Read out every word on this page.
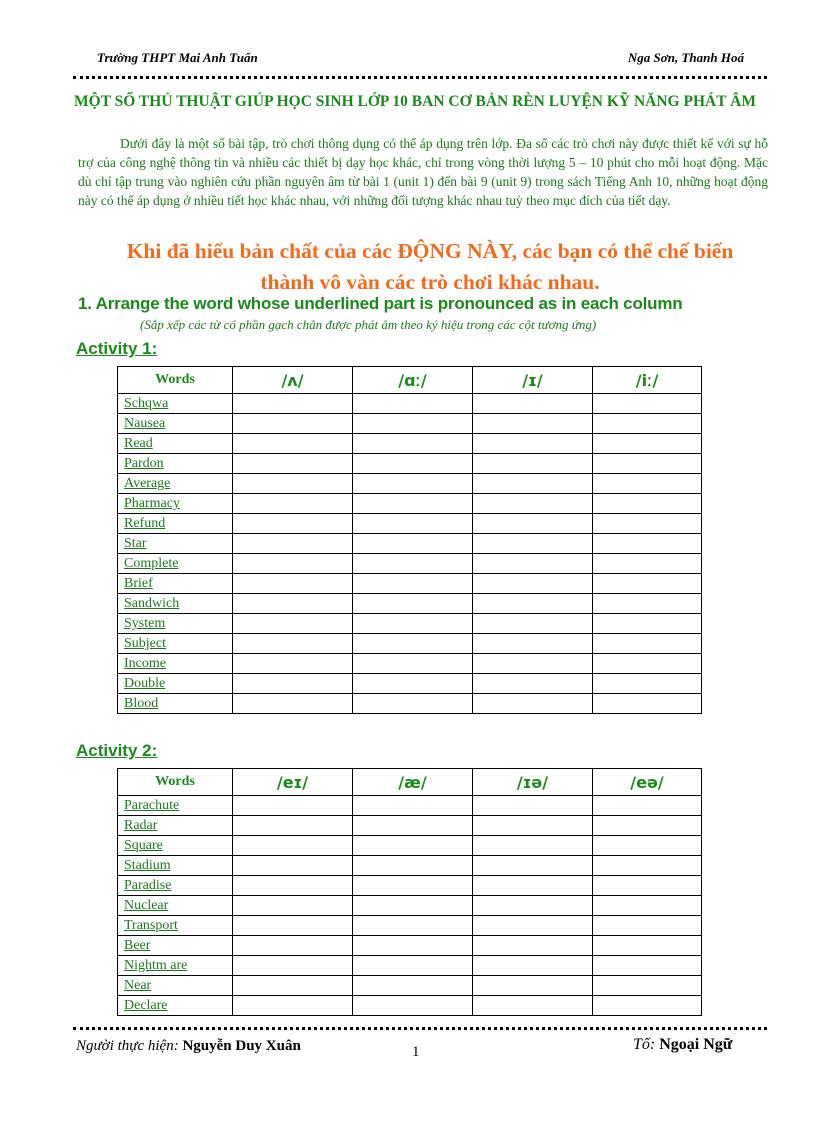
Trường THPT Mai Anh Tuấn	Nga Sơn, Thanh Hoá
MỘT SỐ THỦ THUẬT GIÚP HỌC SINH LỚP 10 BAN CƠ BẢN RÈN LUYỆN KỸ NĂNG PHÁT ÂM
Dưới đây là một số bài tập, trò chơi thông dụng có thể áp dụng trên lớp. Đa số các trò chơi này được thiết kế với sự hỗ trợ của công nghệ thông tin và nhiều các thiết bị dạy học khác, chỉ trong vòng thời lượng 5 – 10 phút cho mỗi hoạt động. Mặc dù chỉ tập trung vào nghiên cứu phần nguyên âm từ bài 1 (unit 1) đến bài 9 (unit 9) trong sách Tiếng Anh 10, những hoạt động này có thể áp dụng ở nhiều tiết học khác nhau, với những đối tượng khác nhau tuỳ theo mục đích của tiết dạy.
Khi đã hiểu bản chất của các ĐỘNG NÀY, các bạn có thể chế biến thành vô vàn các trò chơi khác nhau.
1. Arrange the word whose underlined part is pronounced as in each column
(Sắp xếp các từ có phần gạch chân được phát âm theo ký hiệu trong các cột tương ứng)
Activity 1:
Words	/ʌ/	/ɑː/	/ɪ/	/iː/
Schqwa				
Nausea				
Read				
Pardon				
Average				
Pharmacy				
Refund				
Star				
Complete				
Brief				
Sandwich				
System				
Subject				
Income				
Double				
Blood				
Activity 2:
Words	/eɪ/	/æ/	/ɪə/	/eə/
Parachute				
Radar				
Square				
Stadium				
Paradise				
Nuclear				
Transport				
Beer				
Nightm are				
Near				
Declare				
Người thực hiện: Nguyễn Duy Xuân	1	Tổ: Ngoại Ngữ
